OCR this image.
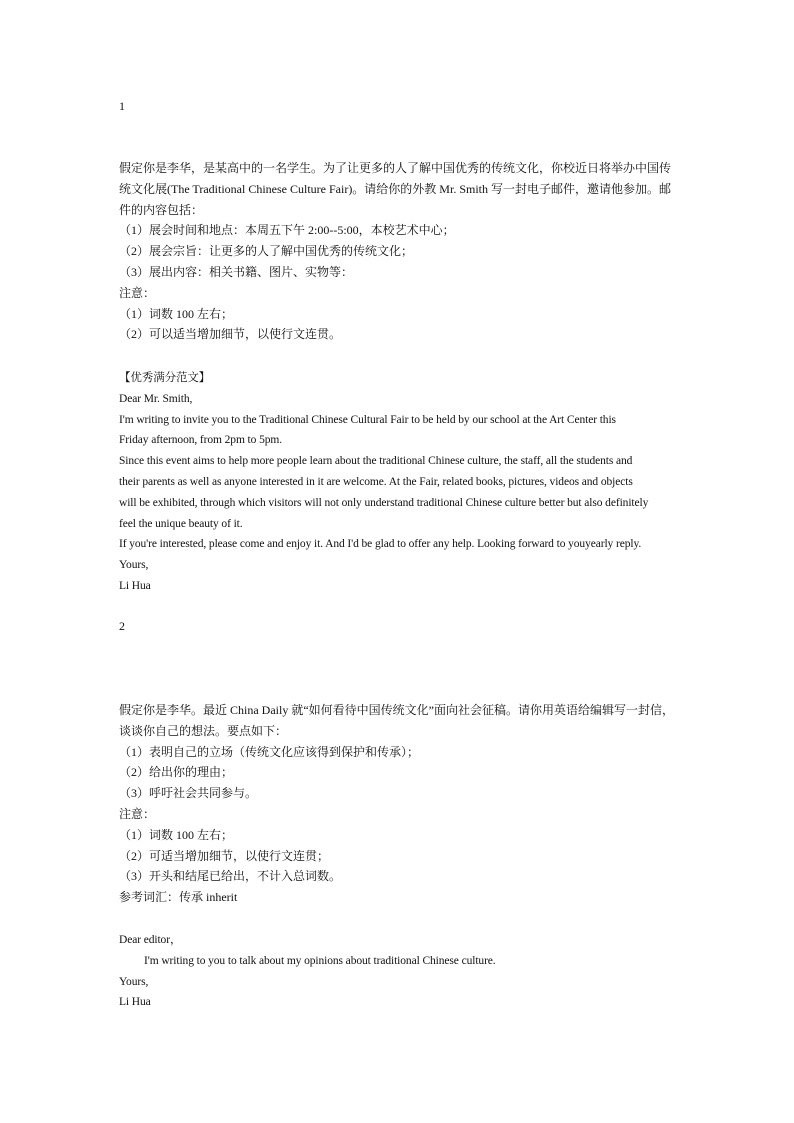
1
假定你是李华，是某高中的一名学生。为了让更多的人了解中国优秀的传统文化，你校近日将举办中国传
统文化展(The Traditional Chinese Culture Fair)。请给你的外教 Mr. Smith 写一封电子邮件，邀请他参加。邮
件的内容包括：
（1）展会时间和地点：本周五下午 2:00--5:00，本校艺术中心；
（2）展会宗旨：让更多的人了解中国优秀的传统文化；
（3）展出内容：相关书籍、图片、实物等：
注意：
（1）词数 100 左右；
（2）可以适当增加细节，以使行文连贯。
【优秀满分范文】
Dear Mr. Smith,
I'm writing to invite you to the Traditional Chinese Cultural Fair to be held by our school at the Art Center this
Friday afternoon, from 2pm to 5pm.
Since this event aims to help more people learn about the traditional Chinese culture, the staff, all the students and
their parents as well as anyone interested in it are welcome. At the Fair, related books, pictures, videos and objects
will be exhibited, through which visitors will not only understand traditional Chinese culture better but also definitely
feel the unique beauty of it.
If you're interested, please come and enjoy it. And I'd be glad to offer any help. Looking forward to youyearly reply.
Yours,
Li Hua
2
假定你是李华。最近 China Daily 就“如何看待中国传统文化”面向社会征稿。请你用英语给编辑写一封信，
谈谈你自己的想法。要点如下：
（1）表明自己的立场（传统文化应该得到保护和传承）；
（2）给出你的理由；
（3）呼吁社会共同参与。
注意：
（1）词数 100 左右；
（2）可适当增加细节，以使行文连贯；
（3）开头和结尾已给出，不计入总词数。
参考词汇：传承 inherit
Dear editor，
I'm writing to you to talk about my opinions about traditional Chinese culture.
Yours,
Li Hua
